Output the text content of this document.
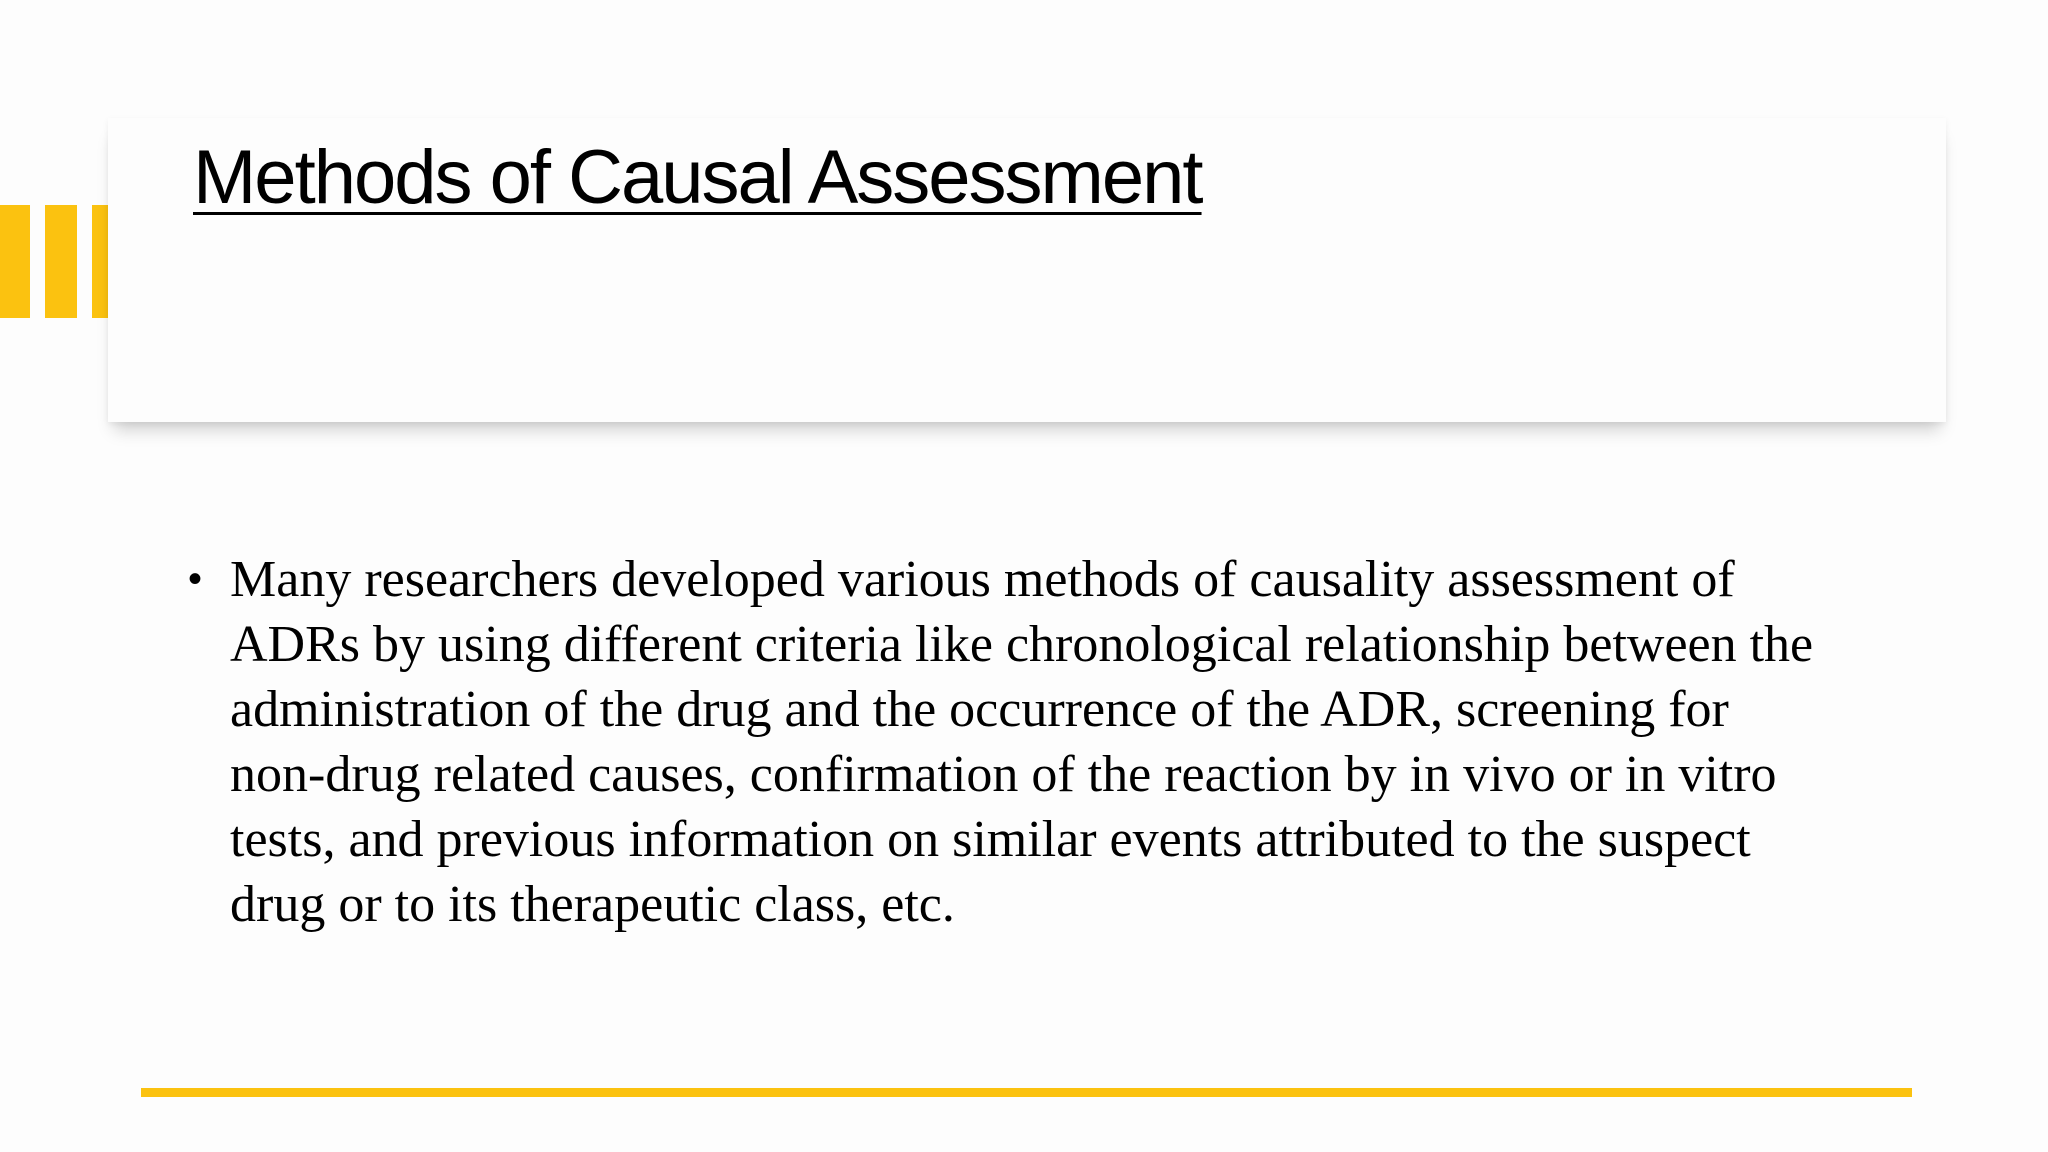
Methods of Causal Assessment
• Many researchers developed various methods of causality assessment of ADRs by using different criteria like chronological relationship between the administration of the drug and the occurrence of the ADR, screening for non-drug related causes, confirmation of the reaction by in vivo or in vitro tests, and previous information on similar events attributed to the suspect drug or to its therapeutic class, etc.
